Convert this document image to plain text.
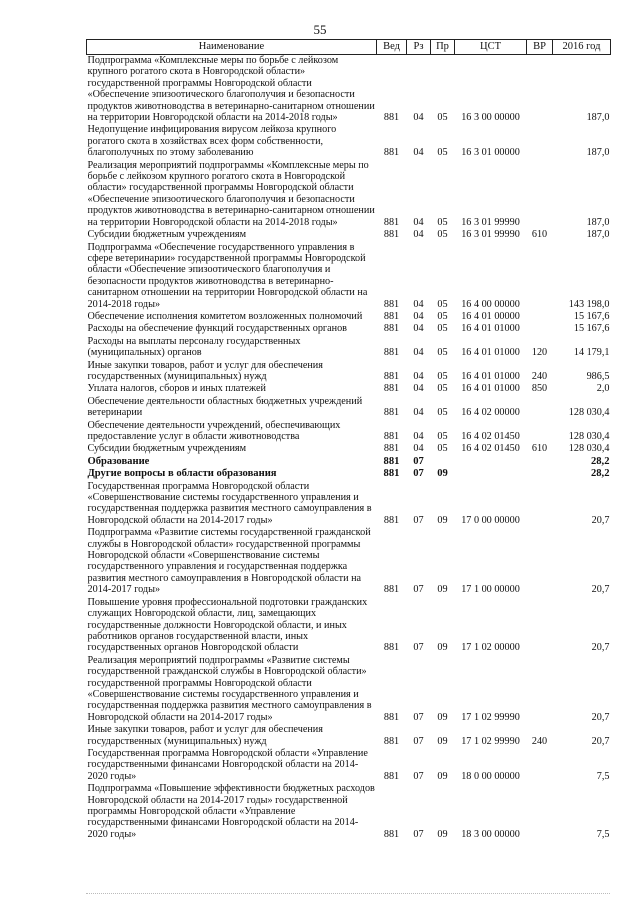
55
Наименование	Вед	Рз	Пр	ЦСТ	ВР	2016 год
Подпрограмма «Комплексные меры по борьбе с лейкозом крупного рогатого скота в Новгородской области» государственной программы Новгородской области «Обеспечение эпизоотического благополучия и безопасности продуктов животноводства в ветеринарно-санитарном отношении на территории Новгородской области на 2014-2018 годы»	881	04	05	16 3 00 00000		187,0
Недопущение инфицирования вирусом лейкоза крупного рогатого скота в хозяйствах всех форм собственности, благополучных по этому заболеванию	881	04	05	16 3 01 00000		187,0
Реализация мероприятий подпрограммы «Комплексные меры по борьбе с лейкозом крупного рогатого скота в Новгородской области» государственной программы Новгородской области «Обеспечение эпизоотического благополучия и безопасности продуктов животноводства в ветеринарно-санитарном отношении на территории Новгородской области на 2014-2018 годы»	881	04	05	16 3 01 99990		187,0
Субсидии бюджетным учреждениям	881	04	05	16 3 01 99990	610	187,0
Подпрограмма «Обеспечение государственного управления в сфере ветеринарии» государственной программы Новгородской области «Обеспечение эпизоотического благополучия и безопасности продуктов животноводства в ветеринарно-санитарном отношении на территории Новгородской области на 2014-2018 годы»	881	04	05	16 4 00 00000		143 198,0
Обеспечение исполнения комитетом возложенных полномочий	881	04	05	16 4 01 00000		15 167,6
Расходы на обеспечение функций государственных органов	881	04	05	16 4 01 01000		15 167,6
Расходы на выплаты персоналу государственных (муниципальных) органов	881	04	05	16 4 01 01000	120	14 179,1
Иные закупки товаров, работ и услуг для обеспечения государственных (муниципальных) нужд	881	04	05	16 4 01 01000	240	986,5
Уплата налогов, сборов и иных платежей	881	04	05	16 4 01 01000	850	2,0
Обеспечение деятельности областных бюджетных учреждений ветеринарии	881	04	05	16 4 02 00000		128 030,4
Обеспечение деятельности учреждений, обеспечивающих предоставление услуг в области животноводства	881	04	05	16 4 02 01450		128 030,4
Субсидии бюджетным учреждениям	881	04	05	16 4 02 01450	610	128 030,4
Образование	881	07				28,2
Другие вопросы в области образования	881	07	09			28,2
Государственная программа Новгородской области «Совершенствование системы государственного управления и государственная поддержка развития местного самоуправления в Новгородской области на 2014-2017 годы»	881	07	09	17 0 00 00000		20,7
Подпрограмма «Развитие системы государственной гражданской службы в Новгородской области» государственной программы Новгородской области «Совершенствование системы государственного управления и государственная поддержка развития местного самоуправления в Новгородской области на 2014-2017 годы»	881	07	09	17 1 00 00000		20,7
Повышение уровня профессиональной подготовки гражданских служащих Новгородской области, лиц, замещающих государственные должности Новгородской области, и иных работников органов государственной власти, иных государственных органов Новгородской области	881	07	09	17 1 02 00000		20,7
Реализация мероприятий подпрограммы «Развитие системы государственной гражданской службы в Новгородской области» государственной программы Новгородской области «Совершенствование системы государственного управления и государственная поддержка развития местного самоуправления в Новгородской области на 2014-2017 годы»	881	07	09	17 1 02 99990		20,7
Иные закупки товаров, работ и услуг для обеспечения государственных (муниципальных) нужд	881	07	09	17 1 02 99990	240	20,7
Государственная программа Новгородской области «Управление государственными финансами Новгородской области на 2014-2020 годы»	881	07	09	18 0 00 00000		7,5
Подпрограмма «Повышение эффективности бюджетных расходов Новгородской области на 2014-2017 годы» государственной программы Новгородской области «Управление государственными финансами Новгородской области на 2014-2020 годы»	881	07	09	18 3 00 00000		7,5
